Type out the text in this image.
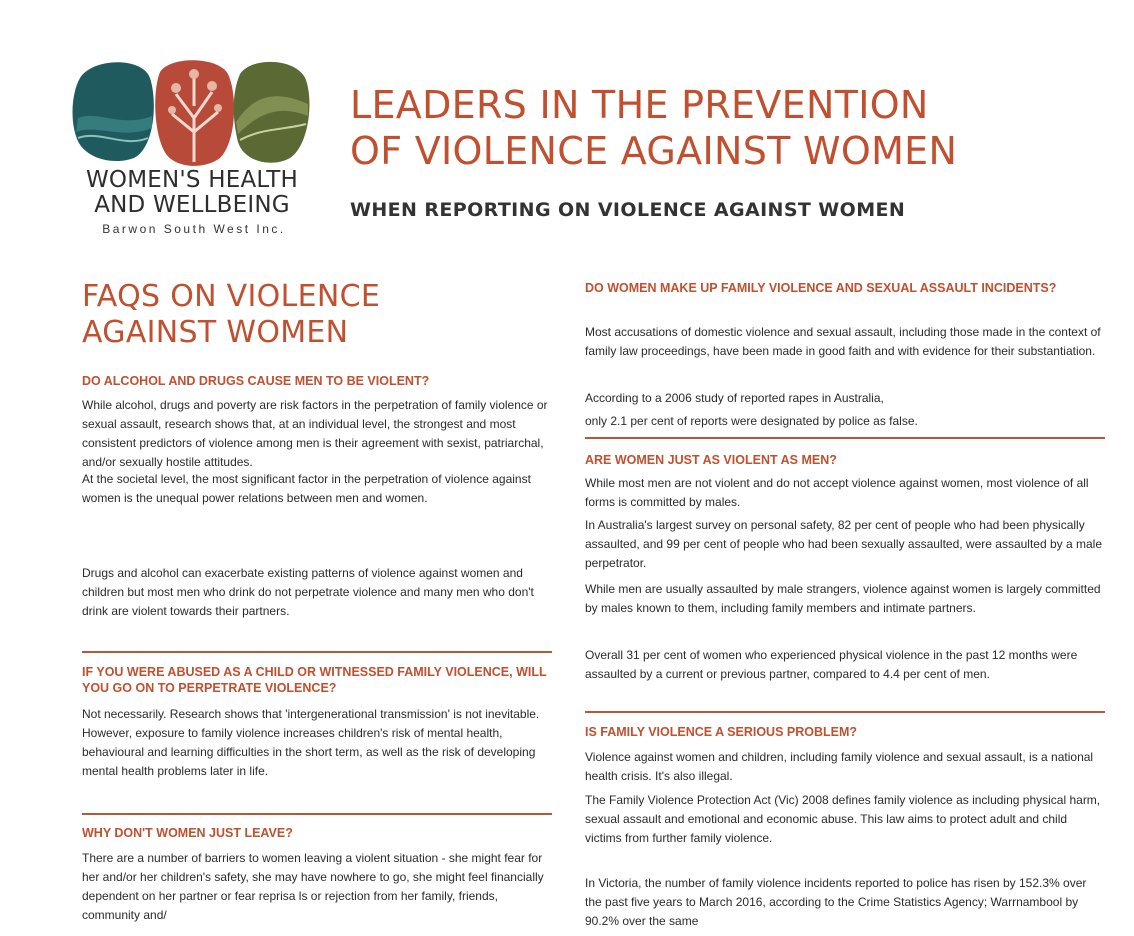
WOMEN'S HEALTH
AND WELLBEING
Barwon South West Inc.
LEADERS IN THE PREVENTION
OF VIOLENCE AGAINST WOMEN
WHEN REPORTING ON VIOLENCE AGAINST WOMEN
FAQS ON VIOLENCE
AGAINST WOMEN
DO ALCOHOL AND DRUGS CAUSE MEN TO BE VIOLENT?
While alcohol, drugs and poverty are risk factors in the perpetration of family violence or sexual assault, research shows that, at an individual level, the strongest and most consistent predictors of violence among men is their agreement with sexist, patriarchal, and/or sexually hostile attitudes.
At the societal level, the most significant factor in the perpetration of violence against women is the unequal power relations between men and women.
Drugs and alcohol can exacerbate existing patterns of violence against women and children but most men who drink do not perpetrate violence and many men who don't drink are violent towards their partners.
IF YOU WERE ABUSED AS A CHILD OR WITNESSED FAMILY VIOLENCE, WILL YOU GO ON TO PERPETRATE VIOLENCE?
Not necessarily. Research shows that 'intergenerational transmission' is not inevitable. However, exposure to family violence increases children's risk of mental health, behavioural and learning difficulties in the short term, as well as the risk of developing mental health problems later in life.
WHY DON'T WOMEN JUST LEAVE?
There are a number of barriers to women leaving a violent situation - she might fear for her and/or her children's safety, she may have nowhere to go, she might feel financially dependent on her partner or fear reprisa ls or rejection from her family, friends, community and/
DO WOMEN MAKE UP FAMILY VIOLENCE AND SEXUAL ASSAULT INCIDENTS?
Most accusations of domestic violence and sexual assault, including those made in the context of family law proceedings, have been made in good faith and with evidence for their substantiation.
According to a 2006 study of reported rapes in Australia,
only 2.1 per cent of reports were designated by police as false.
ARE WOMEN JUST AS VIOLENT AS MEN?
While most men are not violent and do not accept violence against women, most violence of all forms is committed by males.
In Australia's largest survey on personal safety, 82 per cent of people who had been physically assaulted, and 99 per cent of people who had been sexually assaulted, were assaulted by a male perpetrator.
While men are usually assaulted by male strangers, violence against women is largely committed by males known to them, including family members and intimate partners.
Overall 31 per cent of women who experienced physical violence in the past 12 months were assaulted by a current or previous partner, compared to 4.4 per cent of men.
IS FAMILY VIOLENCE A SERIOUS PROBLEM?
Violence against women and children, including family violence and sexual assault, is a national health crisis. It's also illegal.
The Family Violence Protection Act (Vic) 2008 defines family violence as including physical harm, sexual assault and emotional and economic abuse. This law aims to protect adult and child victims from further family violence.
In Victoria, the number of family violence incidents reported to police has risen by 152.3% over the past five years to March 2016, according to the Crime Statistics Agency; Warrnambool by 90.2% over the same
